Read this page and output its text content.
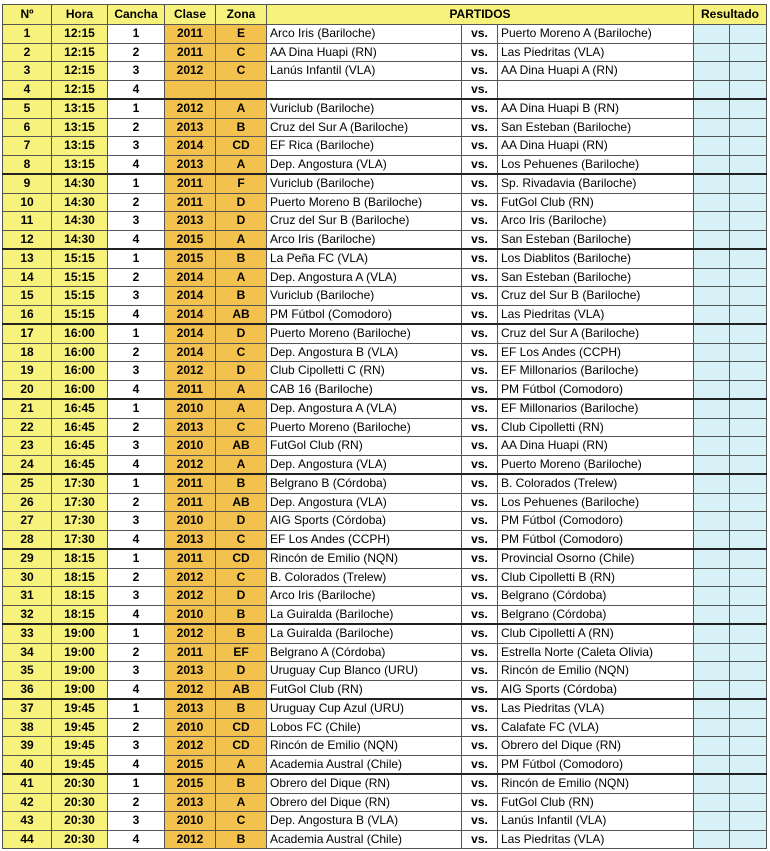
Nº	Hora	Cancha	Clase	Zona	PARTIDOS			Resultado	
1	12:15	1	2011	E	Arco Iris (Bariloche)	vs.	Puerto Moreno A (Bariloche)		
2	12:15	2	2011	C	AA Dina Huapi (RN)	vs.	Las Piedritas (VLA)		
3	12:15	3	2012	C	Lanús Infantil (VLA)	vs.	AA Dina Huapi A (RN)		
4	12:15	4				vs.			
5	13:15	1	2012	A	Vuriclub (Bariloche)	vs.	AA Dina Huapi B (RN)		
6	13:15	2	2013	B	Cruz del Sur A (Bariloche)	vs.	San Esteban (Bariloche)		
7	13:15	3	2014	CD	EF Rica (Bariloche)	vs.	AA Dina Huapi (RN)		
8	13:15	4	2013	A	Dep. Angostura (VLA)	vs.	Los Pehuenes (Bariloche)		
9	14:30	1	2011	F	Vuriclub (Bariloche)	vs.	Sp. Rivadavia (Bariloche)		
10	14:30	2	2011	D	Puerto Moreno B (Bariloche)	vs.	FutGol Club (RN)		
11	14:30	3	2013	D	Cruz del Sur B (Bariloche)	vs.	Arco Iris (Bariloche)		
12	14:30	4	2015	A	Arco Iris (Bariloche)	vs.	San Esteban (Bariloche)		
13	15:15	1	2015	B	La Peña FC (VLA)	vs.	Los Diablitos (Bariloche)		
14	15:15	2	2014	A	Dep. Angostura A (VLA)	vs.	San Esteban (Bariloche)		
15	15:15	3	2014	B	Vuriclub (Bariloche)	vs.	Cruz del Sur B (Bariloche)		
16	15:15	4	2014	AB	PM Fútbol (Comodoro)	vs.	Las Piedritas (VLA)		
17	16:00	1	2014	D	Puerto Moreno (Bariloche)	vs.	Cruz del Sur A (Bariloche)		
18	16:00	2	2014	C	Dep. Angostura B (VLA)	vs.	EF Los Andes (CCPH)		
19	16:00	3	2012	D	Club Cipolletti C (RN)	vs.	EF Millonarios (Bariloche)		
20	16:00	4	2011	A	CAB 16 (Bariloche)	vs.	PM Fútbol (Comodoro)		
21	16:45	1	2010	A	Dep. Angostura A (VLA)	vs.	EF Millonarios (Bariloche)		
22	16:45	2	2013	C	Puerto Moreno (Bariloche)	vs.	Club Cipolletti (RN)		
23	16:45	3	2010	AB	FutGol Club (RN)	vs.	AA Dina Huapi (RN)		
24	16:45	4	2012	A	Dep. Angostura (VLA)	vs.	Puerto Moreno (Bariloche)		
25	17:30	1	2011	B	Belgrano B (Córdoba)	vs.	B. Colorados (Trelew)		
26	17:30	2	2011	AB	Dep. Angostura (VLA)	vs.	Los Pehuenes (Bariloche)		
27	17:30	3	2010	D	AIG Sports (Córdoba)	vs.	PM Fútbol (Comodoro)		
28	17:30	4	2013	C	EF Los Andes (CCPH)	vs.	PM Fútbol (Comodoro)		
29	18:15	1	2011	CD	Rincón de Emilio (NQN)	vs.	Provincial Osorno (Chile)		
30	18:15	2	2012	C	B. Colorados (Trelew)	vs.	Club Cipolletti B (RN)		
31	18:15	3	2012	D	Arco Iris (Bariloche)	vs.	Belgrano (Córdoba)		
32	18:15	4	2010	B	La Guiralda (Bariloche)	vs.	Belgrano (Córdoba)		
33	19:00	1	2012	B	La Guiralda (Bariloche)	vs.	Club Cipolletti A (RN)		
34	19:00	2	2011	EF	Belgrano A (Córdoba)	vs.	Estrella Norte (Caleta Olivia)		
35	19:00	3	2013	D	Uruguay Cup Blanco (URU)	vs.	Rincón de Emilio (NQN)		
36	19:00	4	2012	AB	FutGol Club (RN)	vs.	AIG Sports (Córdoba)		
37	19:45	1	2013	B	Uruguay Cup Azul (URU)	vs.	Las Piedritas (VLA)		
38	19:45	2	2010	CD	Lobos FC (Chile)	vs.	Calafate FC (VLA)		
39	19:45	3	2012	CD	Rincón de Emilio (NQN)	vs.	Obrero del Dique (RN)		
40	19:45	4	2015	A	Academia Austral (Chile)	vs.	PM Fútbol (Comodoro)		
41	20:30	1	2015	B	Obrero del Dique (RN)	vs.	Rincón de Emilio (NQN)		
42	20:30	2	2013	A	Obrero del Dique (RN)	vs.	FutGol Club (RN)		
43	20:30	3	2010	C	Dep. Angostura B (VLA)	vs.	Lanús Infantil (VLA)		
44	20:30	4	2012	B	Academia Austral (Chile)	vs.	Las Piedritas (VLA)		
